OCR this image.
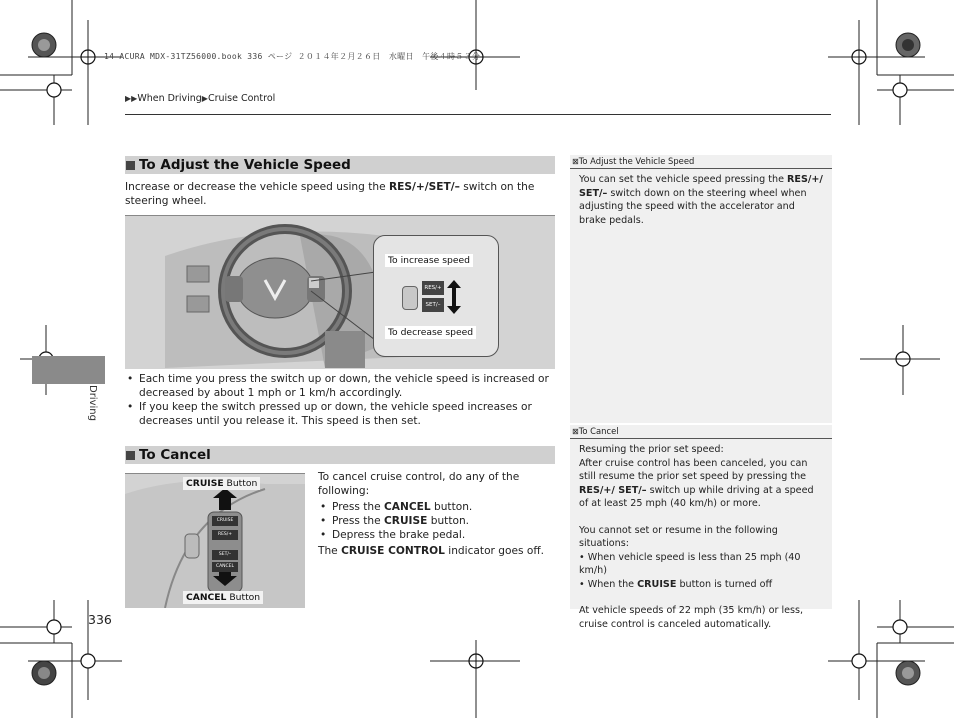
14 ACURA MDX-31TZ56000.book 336 ページ ２０１４年２月２６日　水曜日　午後４時５３分
▶▶When Driving▶Cruise Control
Driving
To Adjust the Vehicle Speed
Increase or decrease the vehicle speed using the RES/+/SET/– switch on the steering wheel.
RES/+
SET/–
To increase speed
To decrease speed
• Each time you press the switch up or down, the vehicle speed is increased or decreased by about 1 mph or 1 km/h accordingly.
• If you keep the switch pressed up or down, the vehicle speed increases or decreases until you release it. This speed is then set.
To Cancel
CRUISE
RES/+
SET/–
CANCEL
CRUISE Button
CANCEL Button
To cancel cruise control, do any of the following:
• Press the CANCEL button.
• Press the CRUISE button.
• Depress the brake pedal.
The CRUISE CONTROL indicator goes off.
⊠To Adjust the Vehicle Speed

You can set the vehicle speed pressing the RES/+/ SET/– switch down on the steering wheel when adjusting the speed with the accelerator and brake pedals.

⊠To Cancel

Resuming the prior set speed:

After cruise control has been canceled, you can still resume the prior set speed by pressing the RES/+/ SET/– switch up while driving at a speed of at least 25 mph (40 km/h) or more.

You cannot set or resume in the following situations:

• When vehicle speed is less than 25 mph (40 km/h)

• When the CRUISE button is turned off

At vehicle speeds of 22 mph (35 km/h) or less, cruise control is canceled automatically.

336
